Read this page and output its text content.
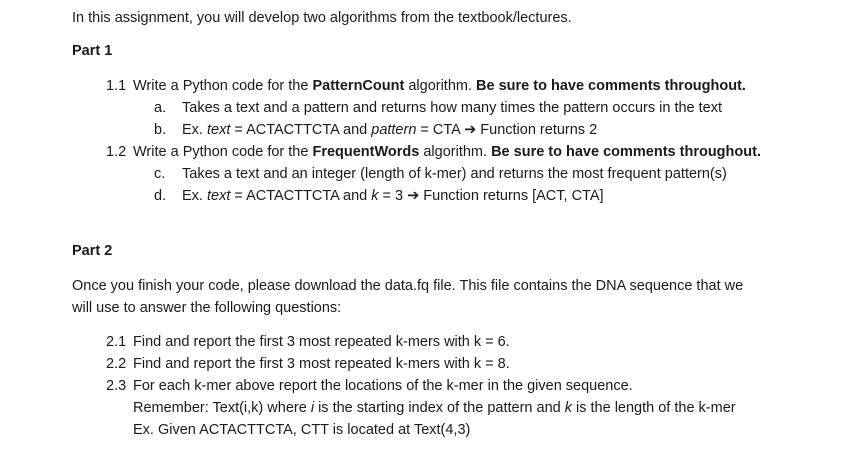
In this assignment, you will develop two algorithms from the textbook/lectures.
Part 1
1.1 Write a Python code for the PatternCount algorithm. Be sure to have comments throughout.
a. Takes a text and a pattern and returns how many times the pattern occurs in the text
b. Ex. text = ACTACTTCTA and pattern = CTA ➔ Function returns 2
1.2 Write a Python code for the FrequentWords algorithm. Be sure to have comments throughout.
c. Takes a text and an integer (length of k-mer) and returns the most frequent pattern(s)
d. Ex. text = ACTACTTCTA and k = 3 ➔ Function returns [ACT, CTA]
Part 2
Once you finish your code, please download the data.fq file. This file contains the DNA sequence that we
will use to answer the following questions:
2.1 Find and report the first 3 most repeated k-mers with k = 6.
2.2 Find and report the first 3 most repeated k-mers with k = 8.
2.3 For each k-mer above report the locations of the k-mer in the given sequence.
Remember: Text(i,k) where i is the starting index of the pattern and k is the length of the k-mer
Ex. Given ACTACTTCTA, CTT is located at Text(4,3)
